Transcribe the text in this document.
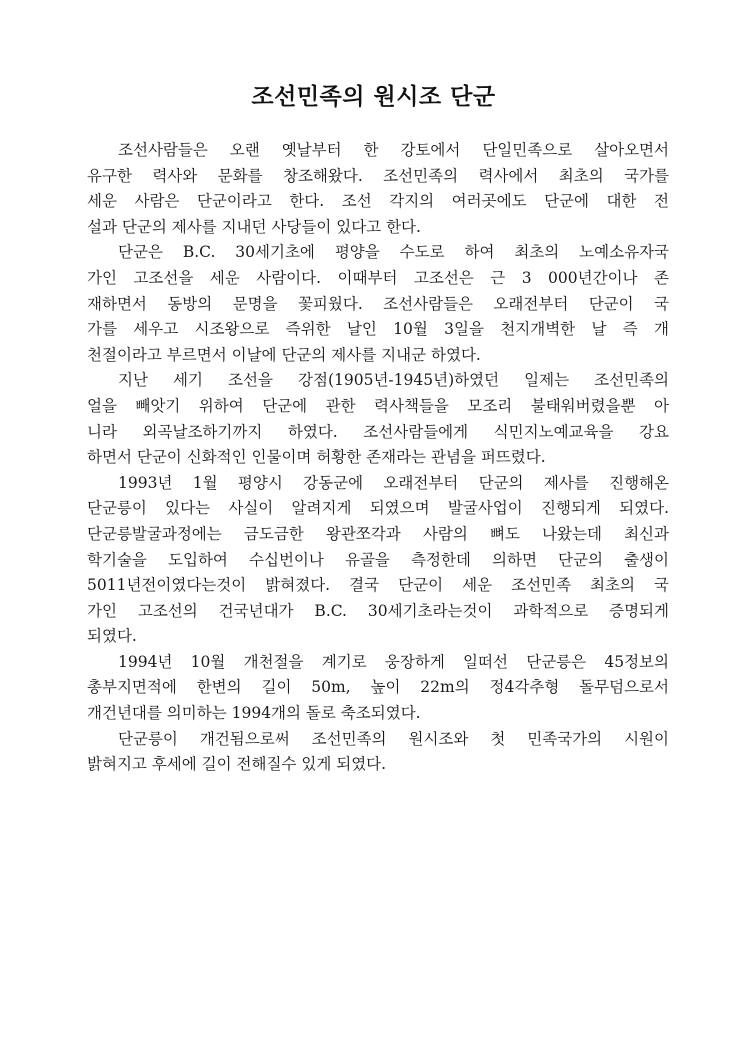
조선민족의 원시조 단군
조선사람들은 오랜 옛날부터 한 강토에서 단일민족으로 살아오면서
유구한 력사와 문화를 창조해왔다. 조선민족의 력사에서 최초의 국가를
세운 사람은 단군이라고 한다. 조선 각지의 여러곳에도 단군에 대한 전
설과 단군의 제사를 지내던 사당들이 있다고 한다.
단군은 B.C. 30세기초에 평양을 수도로 하여 최초의 노예소유자국
가인 고조선을 세운 사람이다. 이때부터 고조선은 근 3 000년간이나 존
재하면서 동방의 문명을 꽃피웠다. 조선사람들은 오래전부터 단군이 국
가를 세우고 시조왕으로 즉위한 날인 10월 3일을 천지개벽한 날 즉 개
천절이라고 부르면서 이날에 단군의 제사를 지내군 하였다.
지난 세기 조선을 강점(1905년-1945년)하였던 일제는 조선민족의
얼을 빼앗기 위하여 단군에 관한 력사책들을 모조리 불태워버렸을뿐 아
니라 외곡날조하기까지 하였다. 조선사람들에게 식민지노예교육을 강요
하면서 단군이 신화적인 인물이며 허황한 존재라는 관념을 퍼뜨렸다.
1993년 1월 평양시 강동군에 오래전부터 단군의 제사를 진행해온
단군릉이 있다는 사실이 알려지게 되였으며 발굴사업이 진행되게 되였다.
단군릉발굴과정에는 금도금한 왕관쪼각과 사람의 뼈도 나왔는데 최신과
학기술을 도입하여 수십번이나 유골을 측정한데 의하면 단군의 출생이
5011년전이였다는것이 밝혀졌다. 결국 단군이 세운 조선민족 최초의 국
가인 고조선의 건국년대가 B.C. 30세기초라는것이 과학적으로 증명되게
되였다.
1994년 10월 개천절을 계기로 웅장하게 일떠선 단군릉은 45정보의
총부지면적에 한변의 길이 50m, 높이 22m의 정4각추형 돌무덤으로서
개건년대를 의미하는 1994개의 돌로 축조되였다.
단군릉이 개건됨으로써 조선민족의 원시조와 첫 민족국가의 시원이
밝혀지고 후세에 길이 전해질수 있게 되였다.
